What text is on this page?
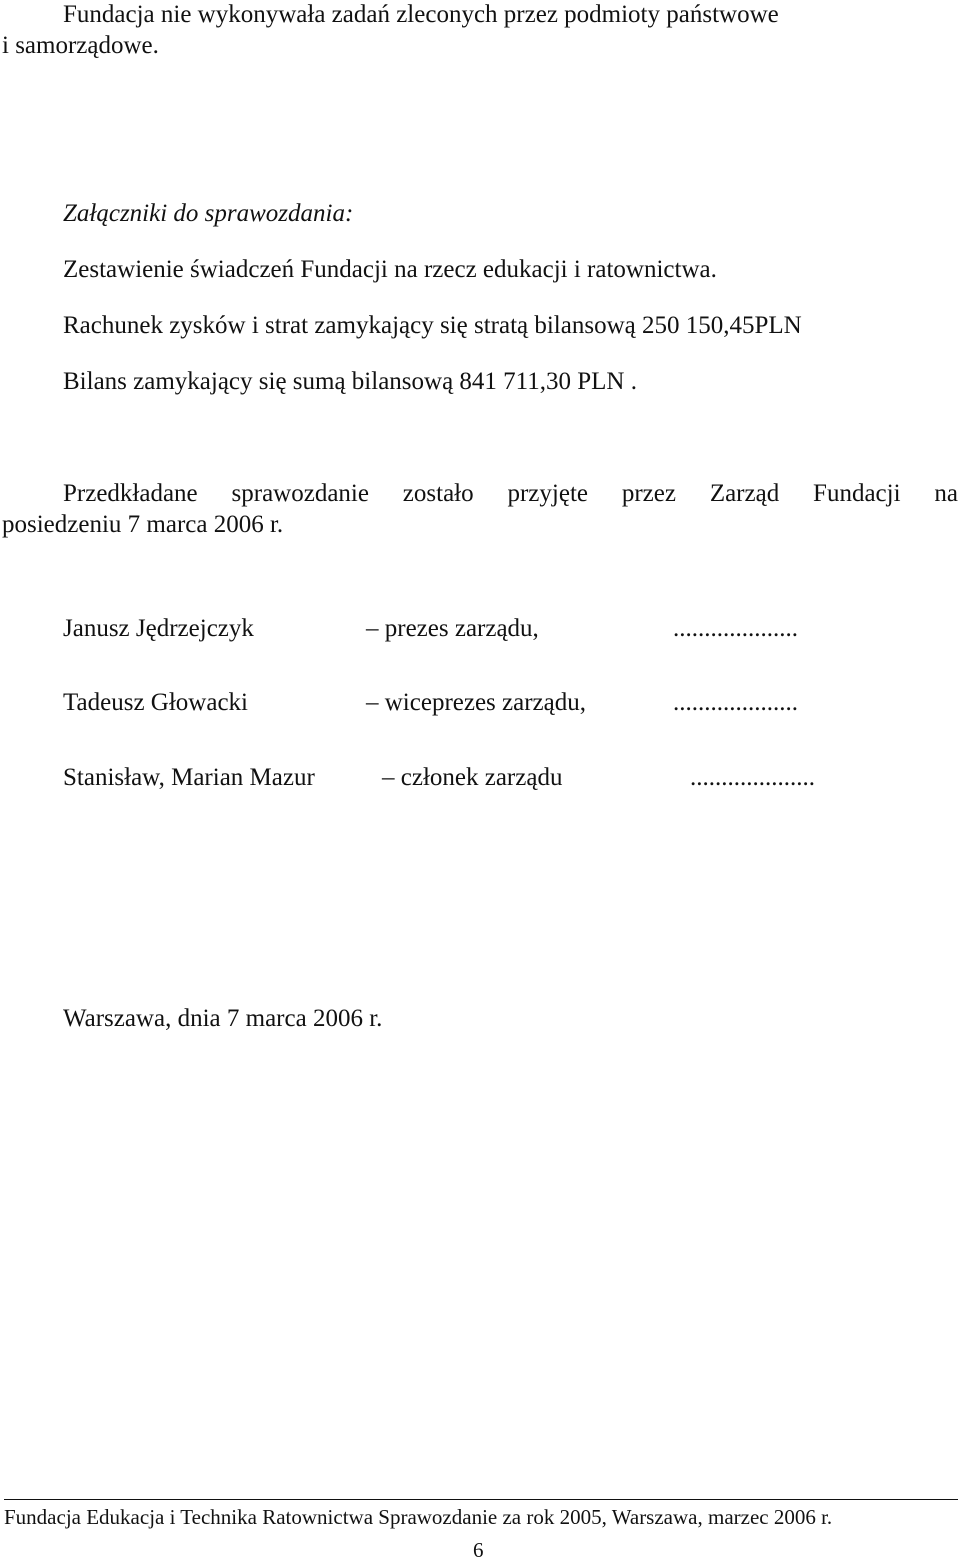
Fundacja nie wykonywała zadań zleconych przez podmioty państwowe
i samorządowe.
Załączniki do sprawozdania:
Zestawienie świadczeń Fundacji na rzecz edukacji i ratownictwa.
Rachunek zysków i strat zamykający się stratą bilansową 250 150,45PLN
Bilans zamykający się sumą bilansową 841 711,30 PLN .
Przedkładane sprawozdanie zostało przyjęte przez Zarząd Fundacji na
posiedzeniu 7 marca 2006 r.
Janusz Jędrzejczyk	– prezes zarządu,	....................
Tadeusz Głowacki	– wiceprezes zarządu,	....................
Stanisław, Marian Mazur	– członek zarządu	....................
Warszawa, dnia 7 marca 2006 r.
Fundacja Edukacja i Technika Ratownictwa Sprawozdanie za rok 2005, Warszawa, marzec 2006 r.
6
